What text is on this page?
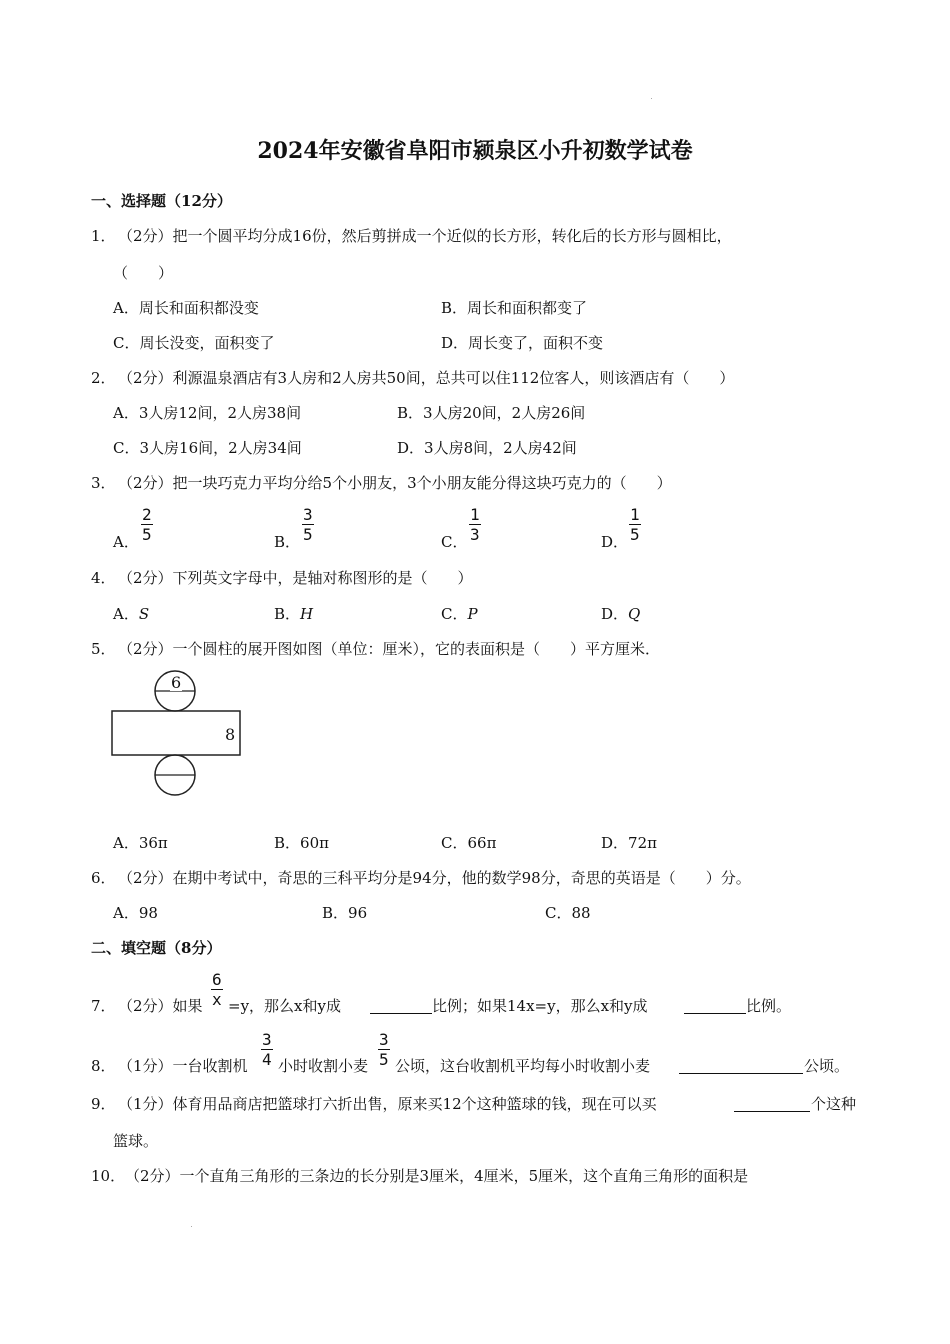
2024年安徽省阜阳市颍泉区小升初数学试卷
一、选择题（12分）
1． （2分）把一个圆平均分成16份，然后剪拼成一个近似的长方形，转化后的长方形与圆相比，
（　　）
A．周长和面积都没变	B．周长和面积都变了
C．周长没变，面积变了	D．周长变了，面积不变
2． （2分）利源温泉酒店有3人房和2人房共50间，总共可以住112位客人，则该酒店有（　　）
A．3人房12间，2人房38间	B．3人房20间，2人房26间
C．3人房16间，2人房34间	D．3人房8间，2人房42间
3． （2分）把一块巧克力平均分给5个小朋友，3个小朋友能分得这块巧克力的（　　）
A． $\frac{2}{5}$	B． $\frac{3}{5}$	C． $\frac{1}{3}$	D． $\frac{1}{5}$
4． （2分）下列英文字母中，是轴对称图形的是（　　）
A．S	B．H	C．P	D．Q
5． （2分）一个圆柱的展开图如图（单位：厘米），它的表面积是（　　）平方厘米．
6
8
A．36π	B．60π	C．66π	D．72π
6． （2分）在期中考试中，奇思的三科平均分是94分，他的数学98分，奇思的英语是（　　）分。
A．98	B．96	C．88
二、填空题（8分）
7． （2分）如果 $\frac{6}{x} =y$，那么x和y成	比例；如果14x=y，那么x和y成	比例。
8． （1分）一台收割机 $\frac{3}{4}$ 小时收割小麦 $\frac{3}{5}$ 公顷，这台收割机平均每小时收割小麦	公顷。
9． （1分）体育用品商店把篮球打六折出售，原来买12个这种篮球的钱，现在可以买	个这种
篮球。
10． （2分）一个直角三角形的三条边的长分别是3厘米，4厘米，5厘米，这个直角三角形的面积是
